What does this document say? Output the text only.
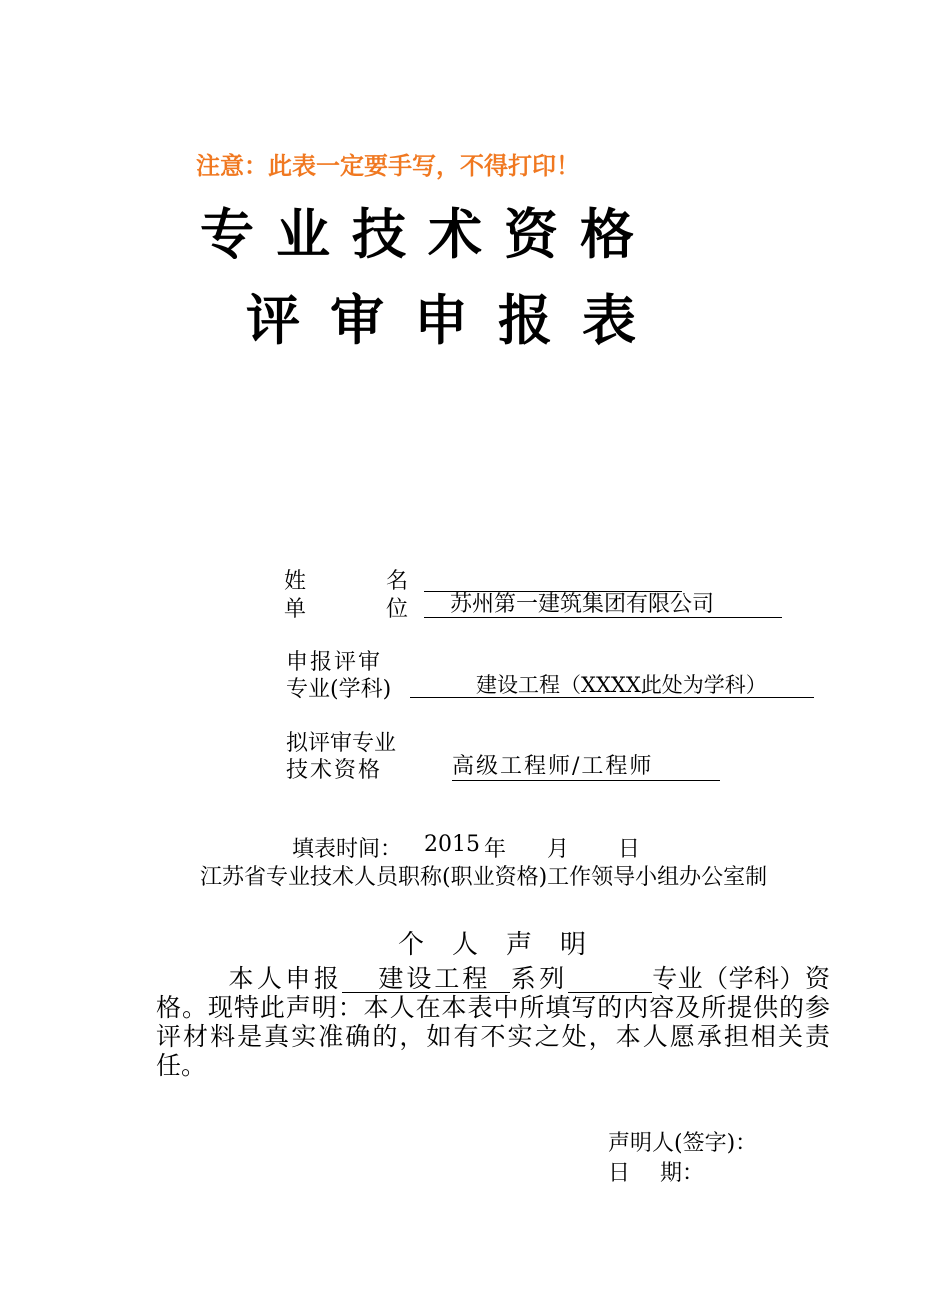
注意：此表一定要手写，不得打印！
专业技术资格
评审申报表
姓	名
单	位	苏州第一建筑集团有限公司
申报评审
专业(学科)	建设工程（XXXX此处为学科）
拟评审专业
技术资格	高级工程师/工程师
填表时间： 2015 年 月 日
江苏省专业技术人员职称(职业资格)工作领导小组办公室制
个人声明
本人申报 建设工程 系列	专业（学科）资格。现特此声明：本人在本表中所填写的内容及所提供的参评材料是真实准确的，如有不实之处，本人愿承担相关责任。
声明人(签字)：
日 期：
